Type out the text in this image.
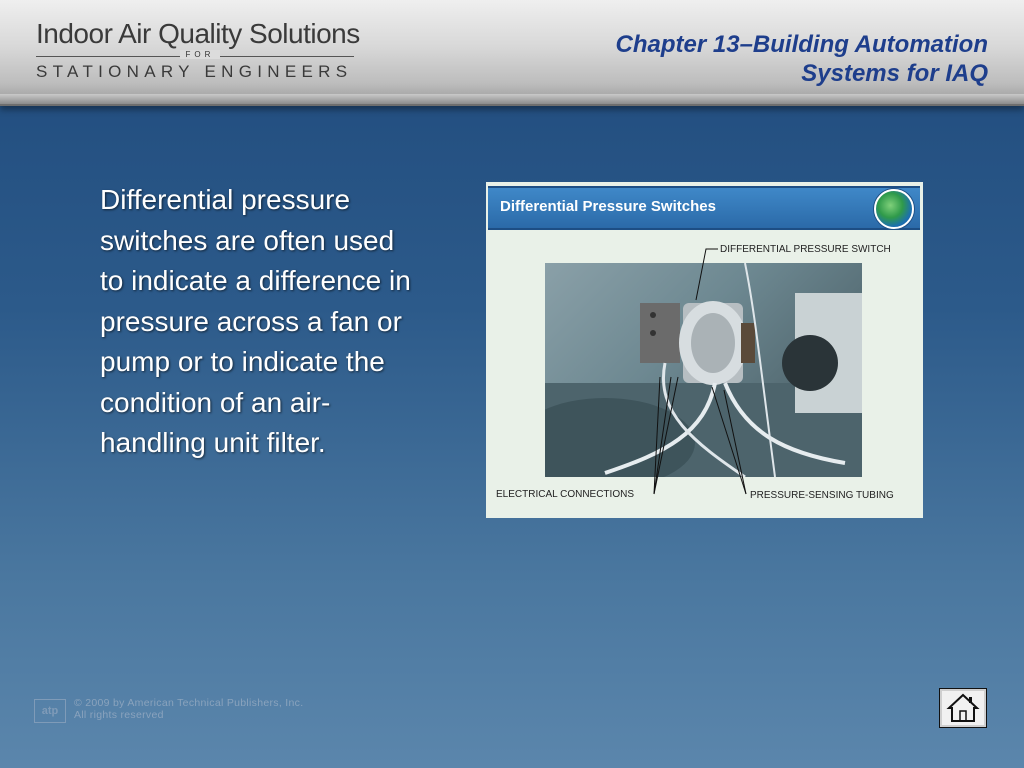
Indoor Air Quality Solutions
FOR
STATIONARY ENGINEERS
Chapter 13–Building Automation
Systems for IAQ
Differential pressure switches are often used to indicate a difference in pressure across a fan or pump or to indicate the condition of an air-handling unit filter.
Differential Pressure Switches
DIFFERENTIAL PRESSURE SWITCH
ELECTRICAL CONNECTIONS	PRESSURE-SENSING TUBING
atp
© 2009 by American Technical Publishers, Inc.
All rights reserved
